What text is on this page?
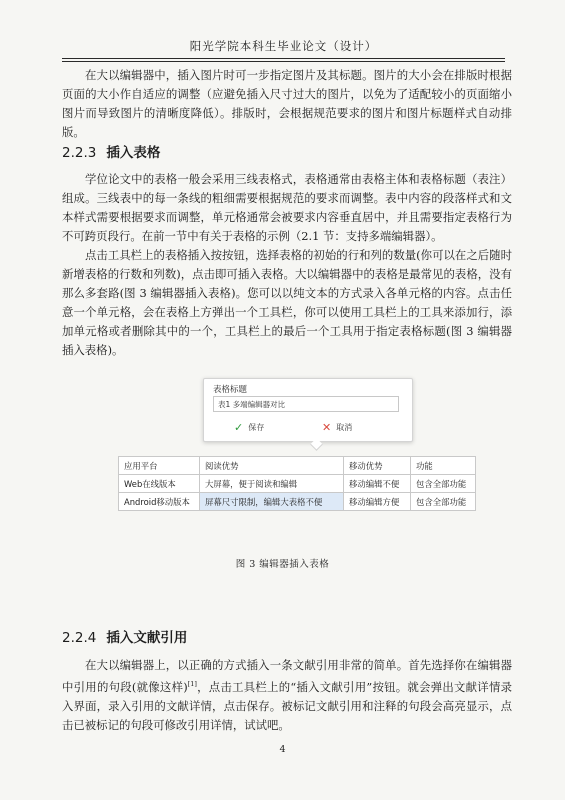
阳光学院本科生毕业论文（设计）

在大以编辑器中，插入图片时可一步指定图片及其标题。图片的大小会在排版时根据页面的大小作自适应的调整（应避免插入尺寸过大的图片，以免为了适配较小的页面缩小图片而导致图片的清晰度降低）。排版时，会根据规范要求的图片和图片标题样式自动排版。

2.2.3 插入表格

学位论文中的表格一般会采用三线表格式，表格通常由表格主体和表格标题（表注）组成。三线表中的每一条线的粗细需要根据规范的要求而调整。表中内容的段落样式和文本样式需要根据要求而调整，单元格通常会被要求内容垂直居中，并且需要指定表格行为不可跨页段行。在前一节中有关于表格的示例（2.1 节：支持多端编辑器）。

点击工具栏上的表格插入按按钮，选择表格的初始的行和列的数量(你可以在之后随时新增表格的行数和列数)，点击即可插入表格。大以编辑器中的表格是最常见的表格，没有那么多套路(图 3 编辑器插入表格)。您可以以纯文本的方式录入各单元格的内容。点击任意一个单元格，会在表格上方弹出一个工具栏，你可以使用工具栏上的工具来添加行，添加单元格或者删除其中的一个，工具栏上的最后一个工具用于指定表格标题(图 3 编辑器插入表格)。

表格标题
表1 多端编辑器对比
✓ 保存	✕ 取消
应用平台	阅读优势	移动优势	功能
Web在线版本	大屏幕，便于阅读和编辑	移动编辑不便	包含全部功能
Android移动版本	屏幕尺寸限制，编辑大表格不便	移动编辑方便	包含全部功能
图 3 编辑器插入表格
2.2.4 插入文献引用

在大以编辑器上，以正确的方式插入一条文献引用非常的简单。首先选择你在编辑器中引用的句段(就像这样)[1]，点击工具栏上的“插入文献引用”按钮。就会弹出文献详情录入界面，录入引用的文献详情，点击保存。被标记文献引用和注释的句段会高亮显示，点击已被标记的句段可修改引用详情，试试吧。

4
